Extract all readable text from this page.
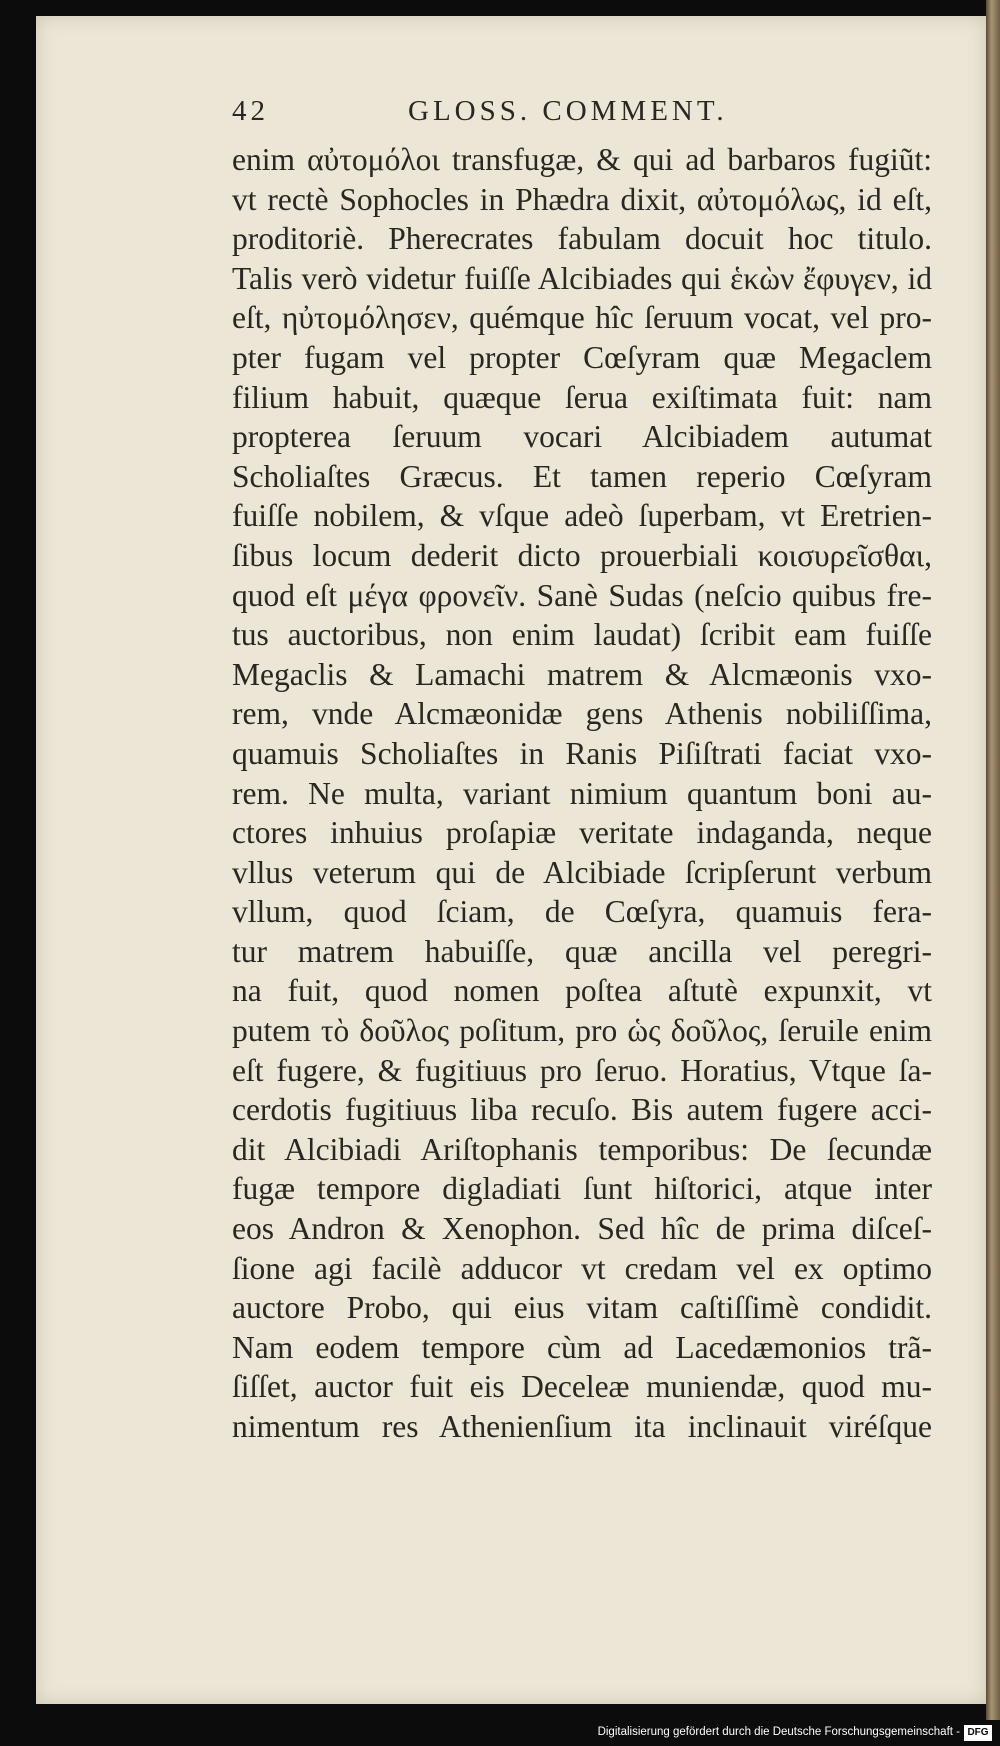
42	GLOSS. COMMENT.
enim αὐτομόλοι transfugæ, & qui ad barbaros fugiũt:
vt rectè Sophocles in Phædra dixit, αὐτομόλως, id eſt,
proditoriè. Pherecrates fabulam docuit hoc titulo.
Talis verò videtur fuiſſe Alcibiades qui ἑκὼν ἔφυγεν, id
eſt, ηὐτομόλησεν, quémque hîc ſeruum vocat, vel pro-
pter fugam vel propter Cœſyram quæ Megaclem
filium habuit, quæque ſerua exiſtimata fuit: nam
propterea ſeruum vocari Alcibiadem autumat
Scholiaſtes Græcus. Et tamen reperio Cœſyram
fuiſſe nobilem, & vſque adeò ſuperbam, vt Eretrien-
ſibus locum dederit dicto prouerbiali κοισυρεῖσθαι,
quod eſt μέγα φρονεῖν. Sanè Sudas (neſcio quibus fre-
tus auctoribus, non enim laudat) ſcribit eam fuiſſe
Megaclis & Lamachi matrem & Alcmæonis vxo-
rem, vnde Alcmæonidæ gens Athenis nobiliſſima,
quamuis Scholiaſtes in Ranis Piſiſtrati faciat vxo-
rem. Ne multa, variant nimium quantum boni au-
ctores inhuius proſapiæ veritate indaganda, neque
vllus veterum qui de Alcibiade ſcripſerunt verbum
vllum, quod ſciam, de Cœſyra, quamuis fera-
tur matrem habuiſſe, quæ ancilla vel peregri-
na fuit, quod nomen poſtea aſtutè expunxit, vt
putem τὸ δοῦλος poſitum, pro ὡς δοῦλος, ſeruile enim
eſt fugere, & fugitiuus pro ſeruo. Horatius, Vtque ſa-
cerdotis fugitiuus liba recuſo. Bis autem fugere acci-
dit Alcibiadi Ariſtophanis temporibus: De ſecundæ
fugæ tempore digladiati ſunt hiſtorici, atque inter
eos Andron & Xenophon. Sed hîc de prima diſceſ-
ſione agi facilè adducor vt credam vel ex optimo
auctore Probo, qui eius vitam caſtiſſimè condidit.
Nam eodem tempore cùm ad Lacedæmonios trã-
ſiſſet, auctor fuit eis Deceleæ muniendæ, quod mu-
nimentum res Athenienſium ita inclinauit viréſque
Digitalisierung gefördert durch die Deutsche Forschungsgemeinschaft - DFG
